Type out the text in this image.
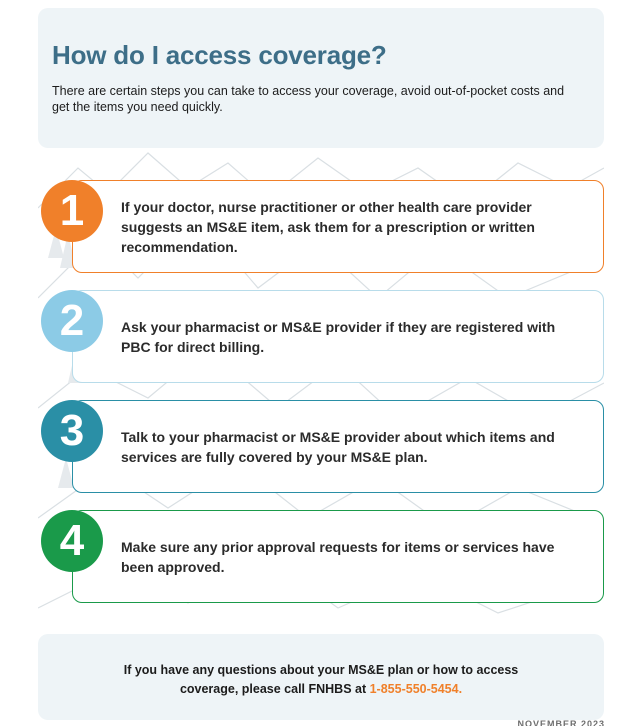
How do I access coverage?
There are certain steps you can take to access your coverage, avoid out-of-pocket costs and get the items you need quickly.
If your doctor, nurse practitioner or other health care provider suggests an MS&E item, ask them for a prescription or written recommendation.
1
Ask your pharmacist or MS&E provider if they are registered with PBC for direct billing.
2
Talk to your pharmacist or MS&E provider about which items and services are fully covered by your MS&E plan.
3
Make sure any prior approval requests for items or services have been approved.
4
If you have any questions about your MS&E plan or how to access
coverage, please call FNHBS at 1-855-550-5454.
NOVEMBER 2023
